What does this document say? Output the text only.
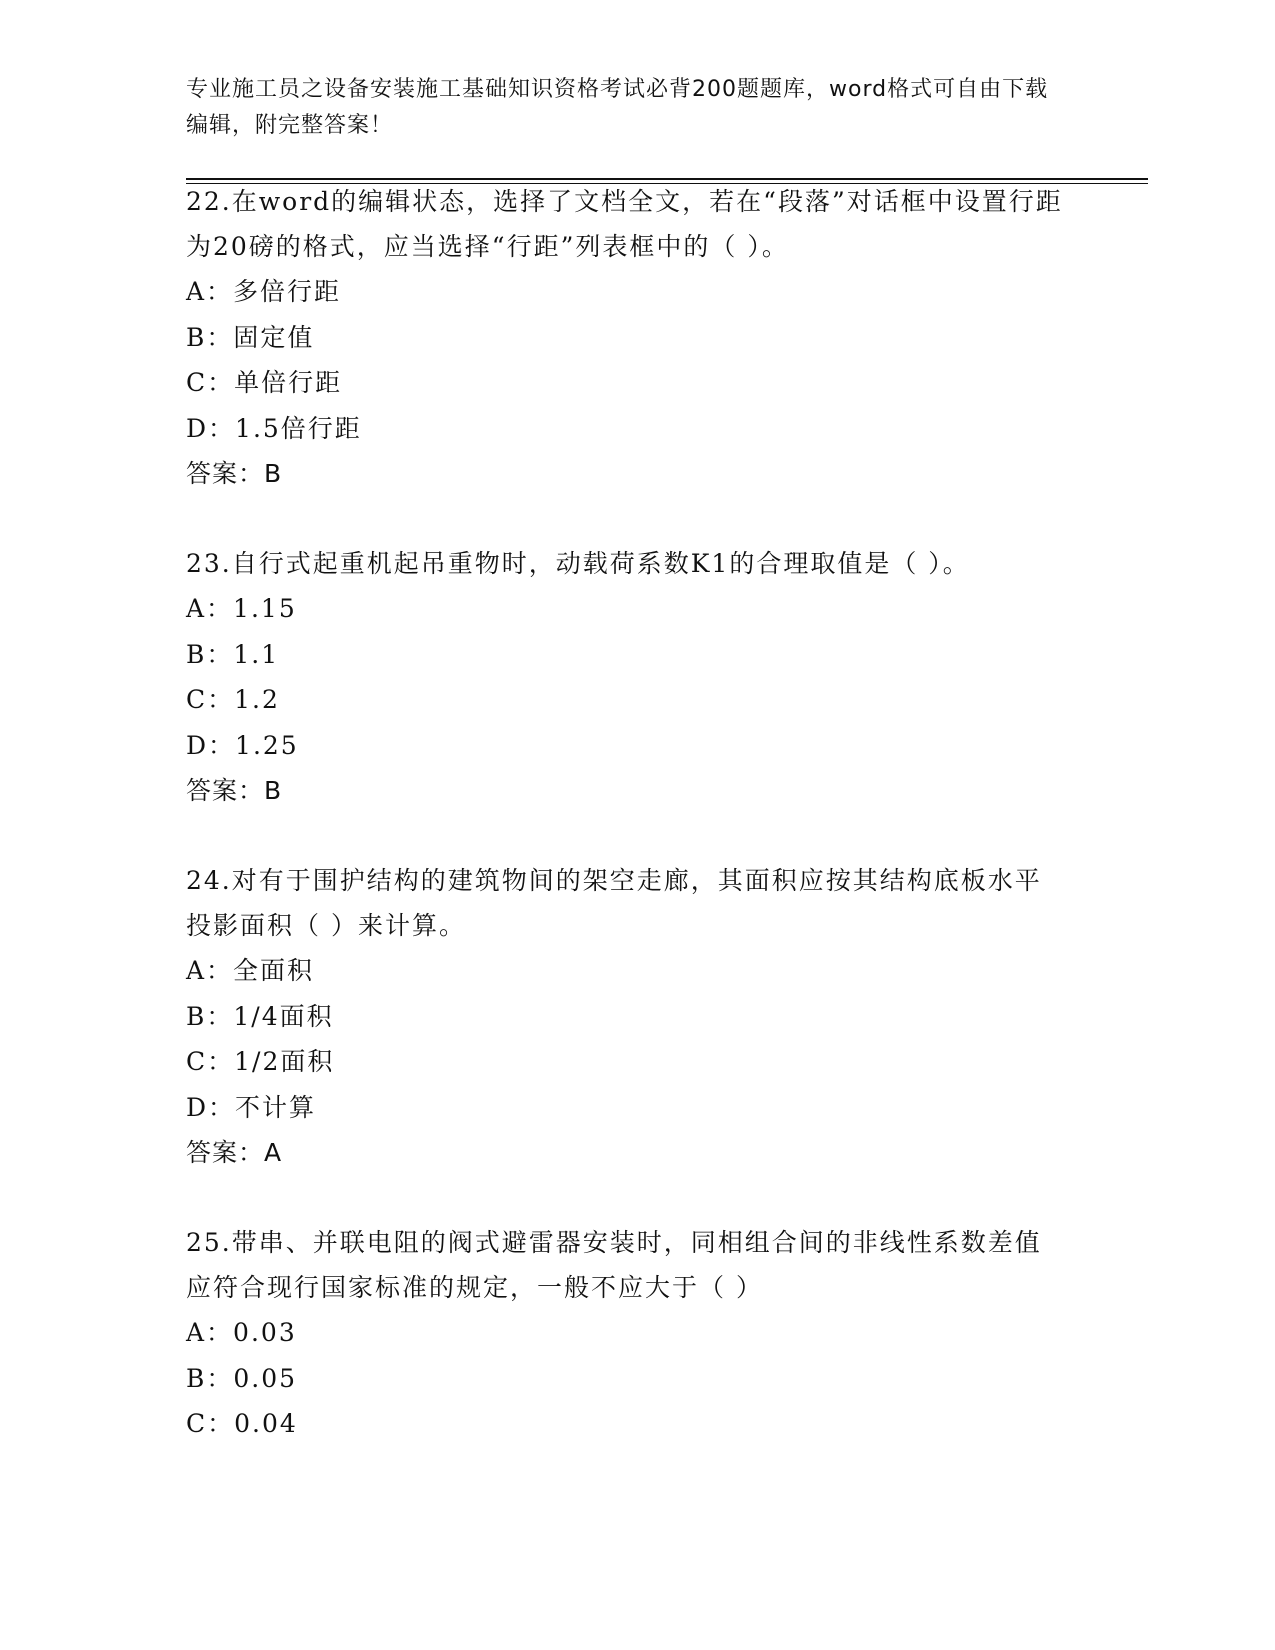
专业施工员之设备安装施工基础知识资格考试必背200题题库，word格式可自由下载编辑，附完整答案！

22.在word的编辑状态，选择了文档全文，若在“段落”对话框中设置行距为20磅的格式，应当选择“行距”列表框中的（ ）。

A：多倍行距

B：固定值

C：单倍行距

D：1.5倍行距

答案：B

23.自行式起重机起吊重物时，动载荷系数K1的合理取值是（ ）。

A：1.15

B：1.1

C：1.2

D：1.25

答案：B

24.对有于围护结构的建筑物间的架空走廊，其面积应按其结构底板水平投影面积（ ）来计算。

A：全面积

B：1/4面积

C：1/2面积

D：不计算

答案：A

25.带串、并联电阻的阀式避雷器安装时，同相组合间的非线性系数差值应符合现行国家标准的规定，一般不应大于（ ）

A：0.03

B：0.05

C：0.04
